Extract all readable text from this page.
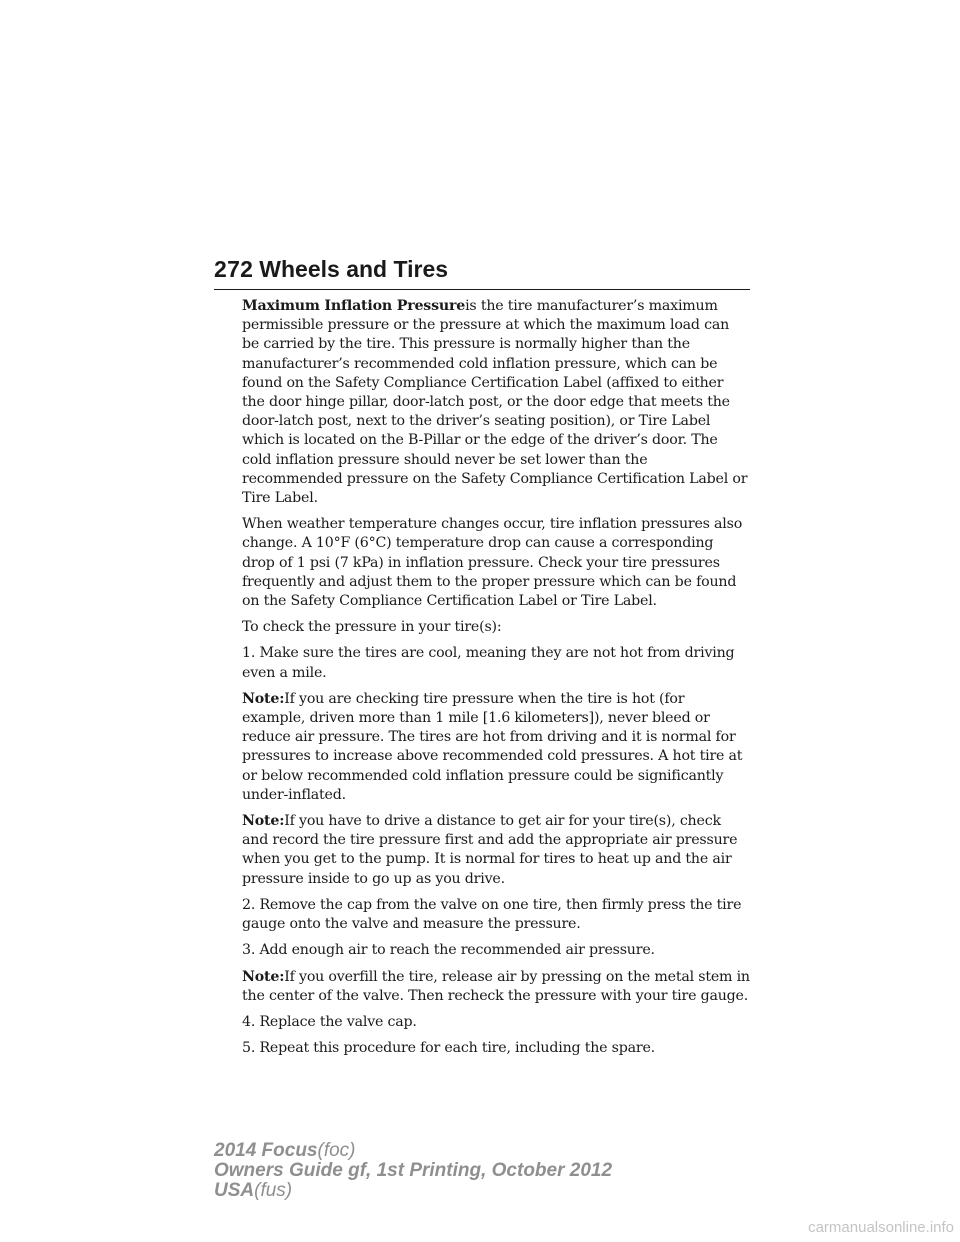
272 Wheels and Tires

Maximum Inflation Pressureis the tire manufacturer’s maximum permissible pressure or the pressure at which the maximum load can be carried by the tire. This pressure is normally higher than the manufacturer’s recommended cold inflation pressure, which can be found on the Safety Compliance Certification Label (affixed to either the door hinge pillar, door-latch post, or the door edge that meets the door-latch post, next to the driver’s seating position), or Tire Label which is located on the B-Pillar or the edge of the driver’s door. The cold inflation pressure should never be set lower than the recommended pressure on the Safety Compliance Certification Label or Tire Label.

When weather temperature changes occur, tire inflation pressures also change. A 10°F (6°C) temperature drop can cause a corresponding drop of 1 psi (7 kPa) in inflation pressure. Check your tire pressures frequently and adjust them to the proper pressure which can be found on the Safety Compliance Certification Label or Tire Label.

To check the pressure in your tire(s):

1. Make sure the tires are cool, meaning they are not hot from driving even a mile.

Note:If you are checking tire pressure when the tire is hot (for example, driven more than 1 mile [1.6 kilometers]), never bleed or reduce air pressure. The tires are hot from driving and it is normal for pressures to increase above recommended cold pressures. A hot tire at or below recommended cold inflation pressure could be significantly under-inflated.

Note:If you have to drive a distance to get air for your tire(s), check and record the tire pressure first and add the appropriate air pressure when you get to the pump. It is normal for tires to heat up and the air pressure inside to go up as you drive.

2. Remove the cap from the valve on one tire, then firmly press the tire gauge onto the valve and measure the pressure.

3. Add enough air to reach the recommended air pressure.

Note:If you overfill the tire, release air by pressing on the metal stem in the center of the valve. Then recheck the pressure with your tire gauge.

4. Replace the valve cap.

5. Repeat this procedure for each tire, including the spare.

2014 Focus(foc)
Owners Guide gf, 1st Printing, October 2012
USA(fus)
carmanualsonline.info
